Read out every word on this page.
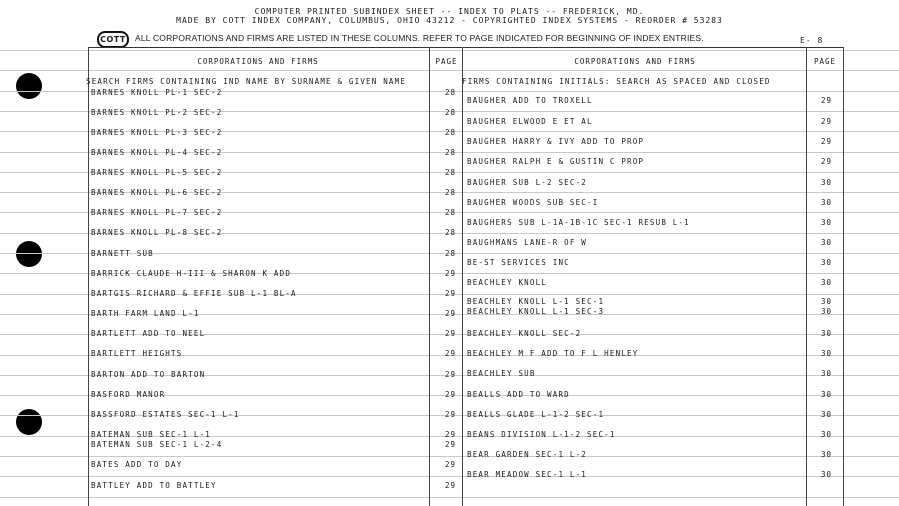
COMPUTER PRINTED SUBINDEX SHEET -- INDEX TO PLATS -- FREDERICK, MD.
MADE BY COTT INDEX COMPANY, COLUMBUS, OHIO 43212 - COPYRIGHTED INDEX SYSTEMS - REORDER # 53283
COTT	ALL CORPORATIONS AND FIRMS ARE LISTED IN THESE COLUMNS. REFER TO PAGE INDICATED FOR BEGINNING OF INDEX ENTRIES.	E- 8
CORPORATIONS AND FIRMS	PAGE	CORPORATIONS AND FIRMS	PAGE
SEARCH FIRMS CONTAINING IND NAME BY SURNAME & GIVEN NAME	FIRMS CONTAINING INITIALS: SEARCH AS SPACED AND CLOSED
BARNES KNOLL PL-1 SEC-2	28
BARNES KNOLL PL-2 SEC-2	28
BARNES KNOLL PL-3 SEC-2	28
BARNES KNOLL PL-4 SEC-2	28
BARNES KNOLL PL-5 SEC-2	28
BARNES KNOLL PL-6 SEC-2	28
BARNES KNOLL PL-7 SEC-2	28
BARNES KNOLL PL-8 SEC-2	28
BARNETT SUB	28
BARRICK CLAUDE H-III & SHARON K ADD	29
BARTGIS RICHARD & EFFIE SUB L-1 BL-A	29
BARTH FARM LAND L-1	29
BARTLETT ADD TO NEEL	29
BARTLETT HEIGHTS	29
BARTON ADD TO BARTON	29
BASFORD MANOR	29
BASSFORD ESTATES SEC-1 L-1	29
BATEMAN SUB SEC-1 L-1	29
BATEMAN SUB SEC-1 L-2-4	29
BATES ADD TO DAY	29
BATTLEY ADD TO BATTLEY	29
BAUGHER ADD TO TROXELL	29
BAUGHER ELWOOD E ET AL	29
BAUGHER HARRY & IVY ADD TO PROP	29
BAUGHER RALPH E & GUSTIN C PROP	29
BAUGHER SUB L-2 SEC-2	30
BAUGHER WOODS SUB SEC-I	30
BAUGHERS SUB L-1A-1B-1C SEC-1 RESUB L-1	30
BAUGHMANS LANE-R OF W	30
BE-ST SERVICES INC	30
BEACHLEY KNOLL	30
BEACHLEY KNOLL L-1 SEC-1	30
BEACHLEY KNOLL L-1 SEC-3	30
BEACHLEY KNOLL SEC-2	30
BEACHLEY M F ADD TO F L HENLEY	30
BEACHLEY SUB	30
BEALLS ADD TO WARD	30
BEALLS GLADE L-1-2 SEC-1	30
BEANS DIVISION L-1-2 SEC-1	30
BEAR GARDEN SEC-1 L-2	30
BEAR MEADOW SEC-1 L-1	30
